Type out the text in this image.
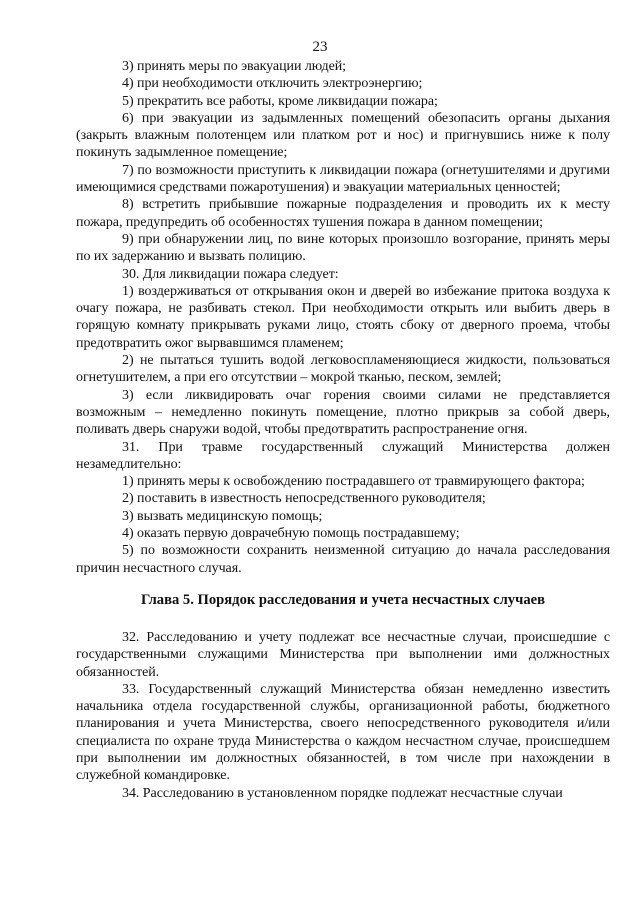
23

3) принять меры по эвакуации людей;

4) при необходимости отключить электроэнергию;

5) прекратить все работы, кроме ликвидации пожара;

6) при эвакуации из задымленных помещений обезопасить органы дыхания (закрыть влажным полотенцем или платком рот и нос) и пригнувшись ниже к полу покинуть задымленное помещение;

7) по возможности приступить к ликвидации пожара (огнетушителями и другими имеющимися средствами пожаротушения) и эвакуации материальных ценностей;

8) встретить прибывшие пожарные подразделения и проводить их к месту пожара, предупредить об особенностях тушения пожара в данном помещении;

9) при обнаружении лиц, по вине которых произошло возгорание, принять меры по их задержанию и вызвать полицию.

30. Для ликвидации пожара следует:

1) воздерживаться от открывания окон и дверей во избежание притока воздуха к очагу пожара, не разбивать стекол. При необходимости открыть или выбить дверь в горящую комнату прикрывать руками лицо, стоять сбоку от дверного проема, чтобы предотвратить ожог вырвавшимся пламенем;

2) не пытаться тушить водой легковоспламеняющиеся жидкости, пользоваться огнетушителем, а при его отсутствии – мокрой тканью, песком, землей;

3) если ликвидировать очаг горения своими силами не представляется возможным – немедленно покинуть помещение, плотно прикрыв за собой дверь, поливать дверь снаружи водой, чтобы предотвратить распространение огня.

31. При травме государственный служащий Министерства должен незамедлительно:

1) принять меры к освобождению пострадавшего от травмирующего фактора;

2) поставить в известность непосредственного руководителя;

3) вызвать медицинскую помощь;

4) оказать первую доврачебную помощь пострадавшему;

5) по возможности сохранить неизменной ситуацию до начала расследования причин несчастного случая.

Глава 5. Порядок расследования и учета несчастных случаев

32. Расследованию и учету подлежат все несчастные случаи, происшедшие с государственными служащими Министерства при выполнении ими должностных обязанностей.

33. Государственный служащий Министерства обязан немедленно известить начальника отдела государственной службы, организационной работы, бюджетного планирования и учета Министерства, своего непосредственного руководителя и/или специалиста по охране труда Министерства о каждом несчастном случае, происшедшем при выполнении им должностных обязанностей, в том числе при нахождении в служебной командировке.

34. Расследованию в установленном порядке подлежат несчастные случаи
